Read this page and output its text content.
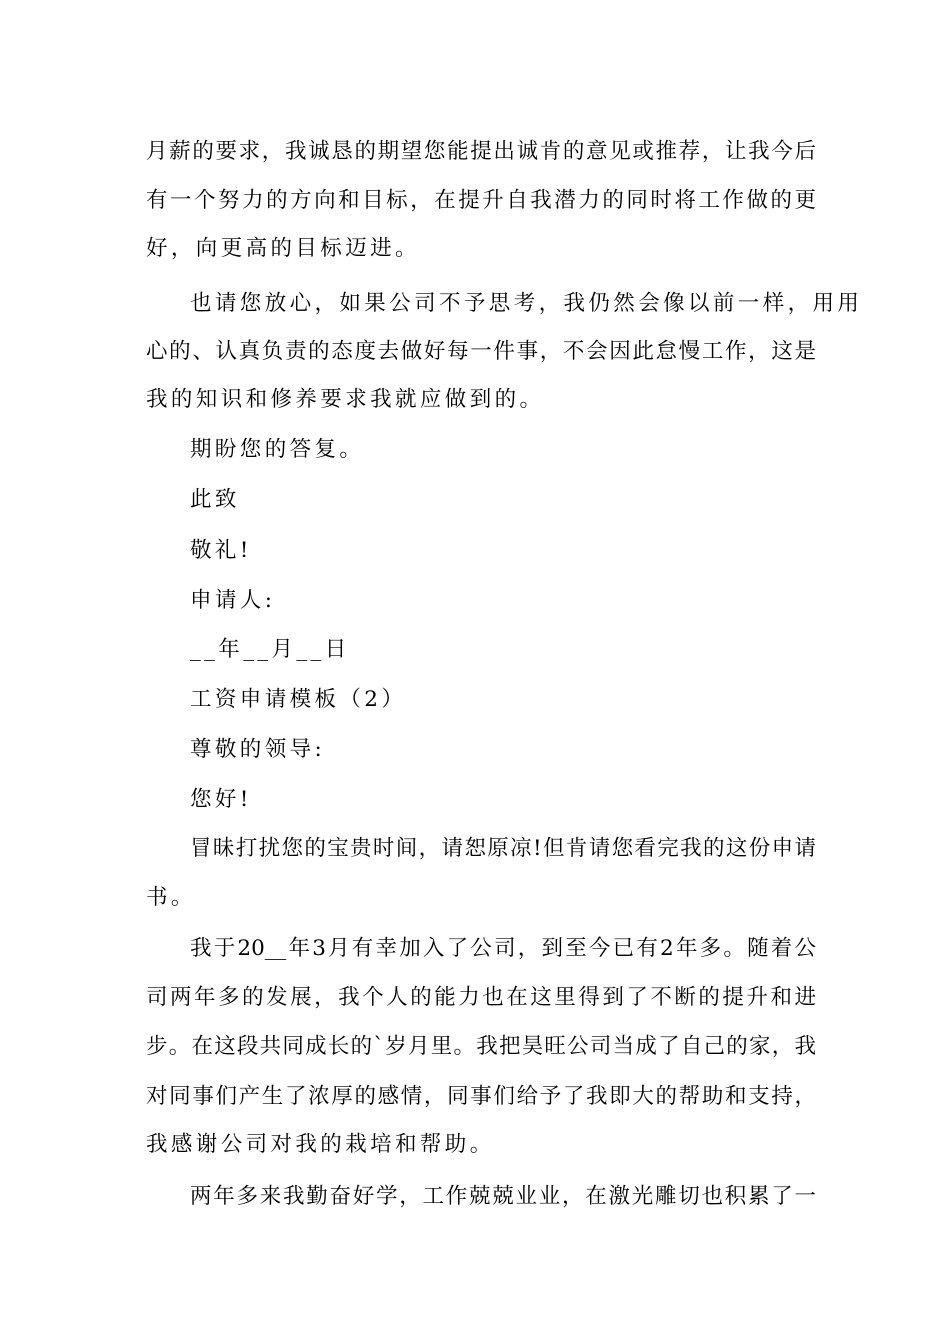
月薪的要求，我诚恳的期望您能提出诚肯的意见或推荐，让我今后
有一个努力的方向和目标，在提升自我潜力的同时将工作做的更
好，向更高的目标迈进。
也请您放心，如果公司不予思考，我仍然会像以前一样，用用
心的、认真负责的态度去做好每一件事，不会因此怠慢工作，这是
我的知识和修养要求我就应做到的。
期盼您的答复。
此致
敬礼!
申请人:
__年__月__日
工资申请模板（2）
尊敬的领导:
您好!
冒昧打扰您的宝贵时间，请恕原凉!但肯请您看完我的这份申请
书。
我于20__年3月有幸加入了公司，到至今已有2年多。随着公
司两年多的发展，我个人的能力也在这里得到了不断的提升和进
步。在这段共同成长的`岁月里。我把昊旺公司当成了自己的家，我
对同事们产生了浓厚的感情，同事们给予了我即大的帮助和支持，
我感谢公司对我的栽培和帮助。
两年多来我勤奋好学，工作兢兢业业，在激光雕切也积累了一
